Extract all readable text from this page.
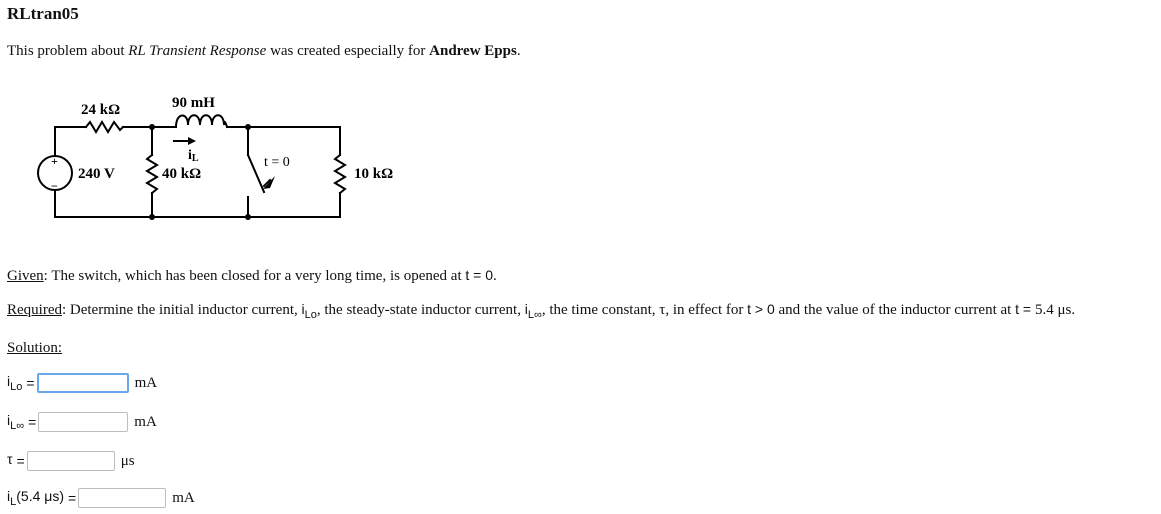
RLtran05
This problem about RL Transient Response was created especially for Andrew Epps.
24 kΩ	90 mH
iL
+
−
240 V	40 kΩ
t = 0
10 kΩ
Given: The switch, which has been closed for a very long time, is opened at t = 0.
Required: Determine the initial inductor current, $i_{Lo}$, the steady-state inductor current, $i_{L\infty}$, the time constant, τ, in effect for t > 0 and the value of the inductor current at t = 5.4 μs.
Solution:
$i_{Lo}$ =	mA
$i_{L\infty}$ =	mA
τ =	μs
$i_L(5.4$ μs) =	mA
